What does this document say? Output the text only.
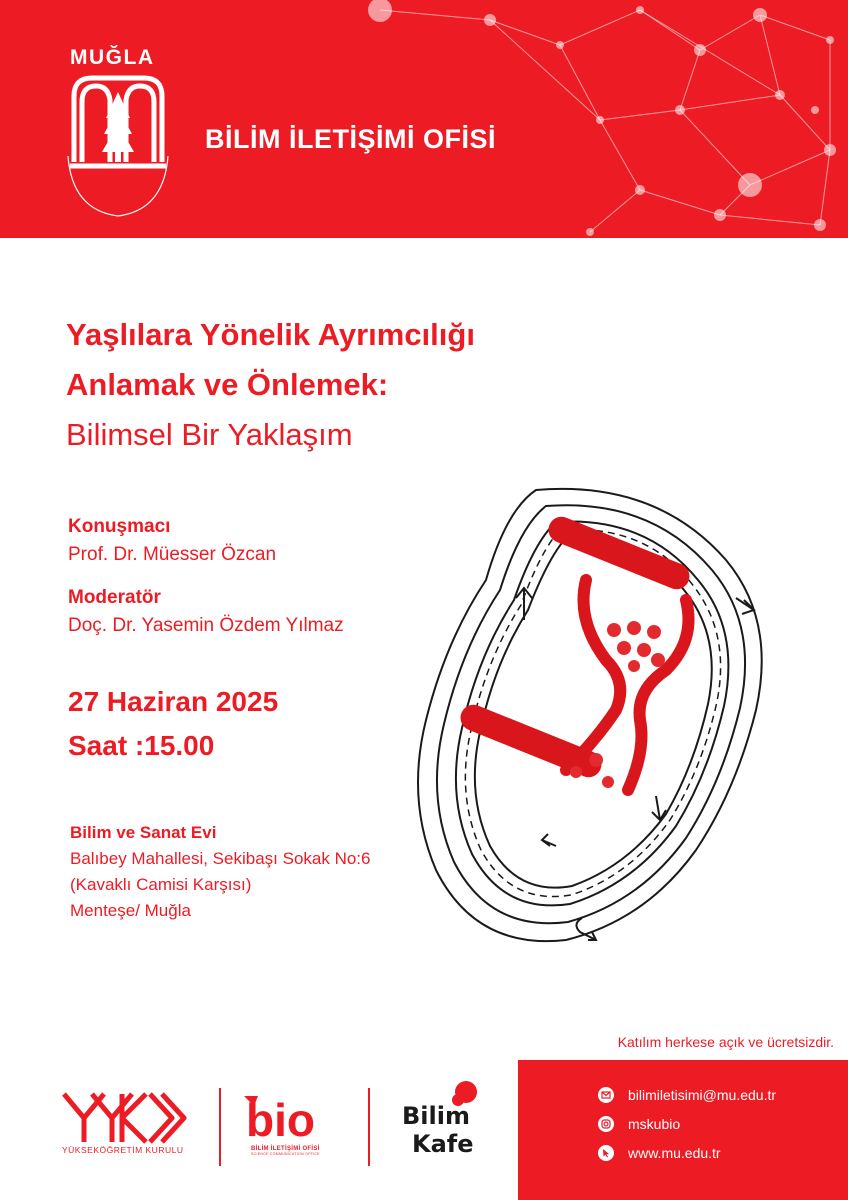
MUĞLA
BİLİM İLETİŞİMİ OFİSİ
Yaşlılara Yönelik Ayrımcılığı
Anlamak ve Önlemek:
Bilimsel Bir Yaklaşım
Konuşmacı
Prof. Dr. Müesser Özcan
Moderatör
Doç. Dr. Yasemin Özdem Yılmaz
27 Haziran 2025
Saat :15.00
Bilim ve Sanat Evi
Balıbey Mahallesi, Sekibaşı Sokak No:6
(Kavaklı Camisi Karşısı)
Menteşe/ Muğla
Katılım herkese açık ve ücretsizdir.
bilimiletisimi@mu.edu.tr
mskubio
www.mu.edu.tr
YÜKSEKÖĞRETİM KURULU
bio
BİLİM İLETİŞİMİ OFİSİ
SCIENCE COMMUNICATION OFFICE
Bilim
Kafe
